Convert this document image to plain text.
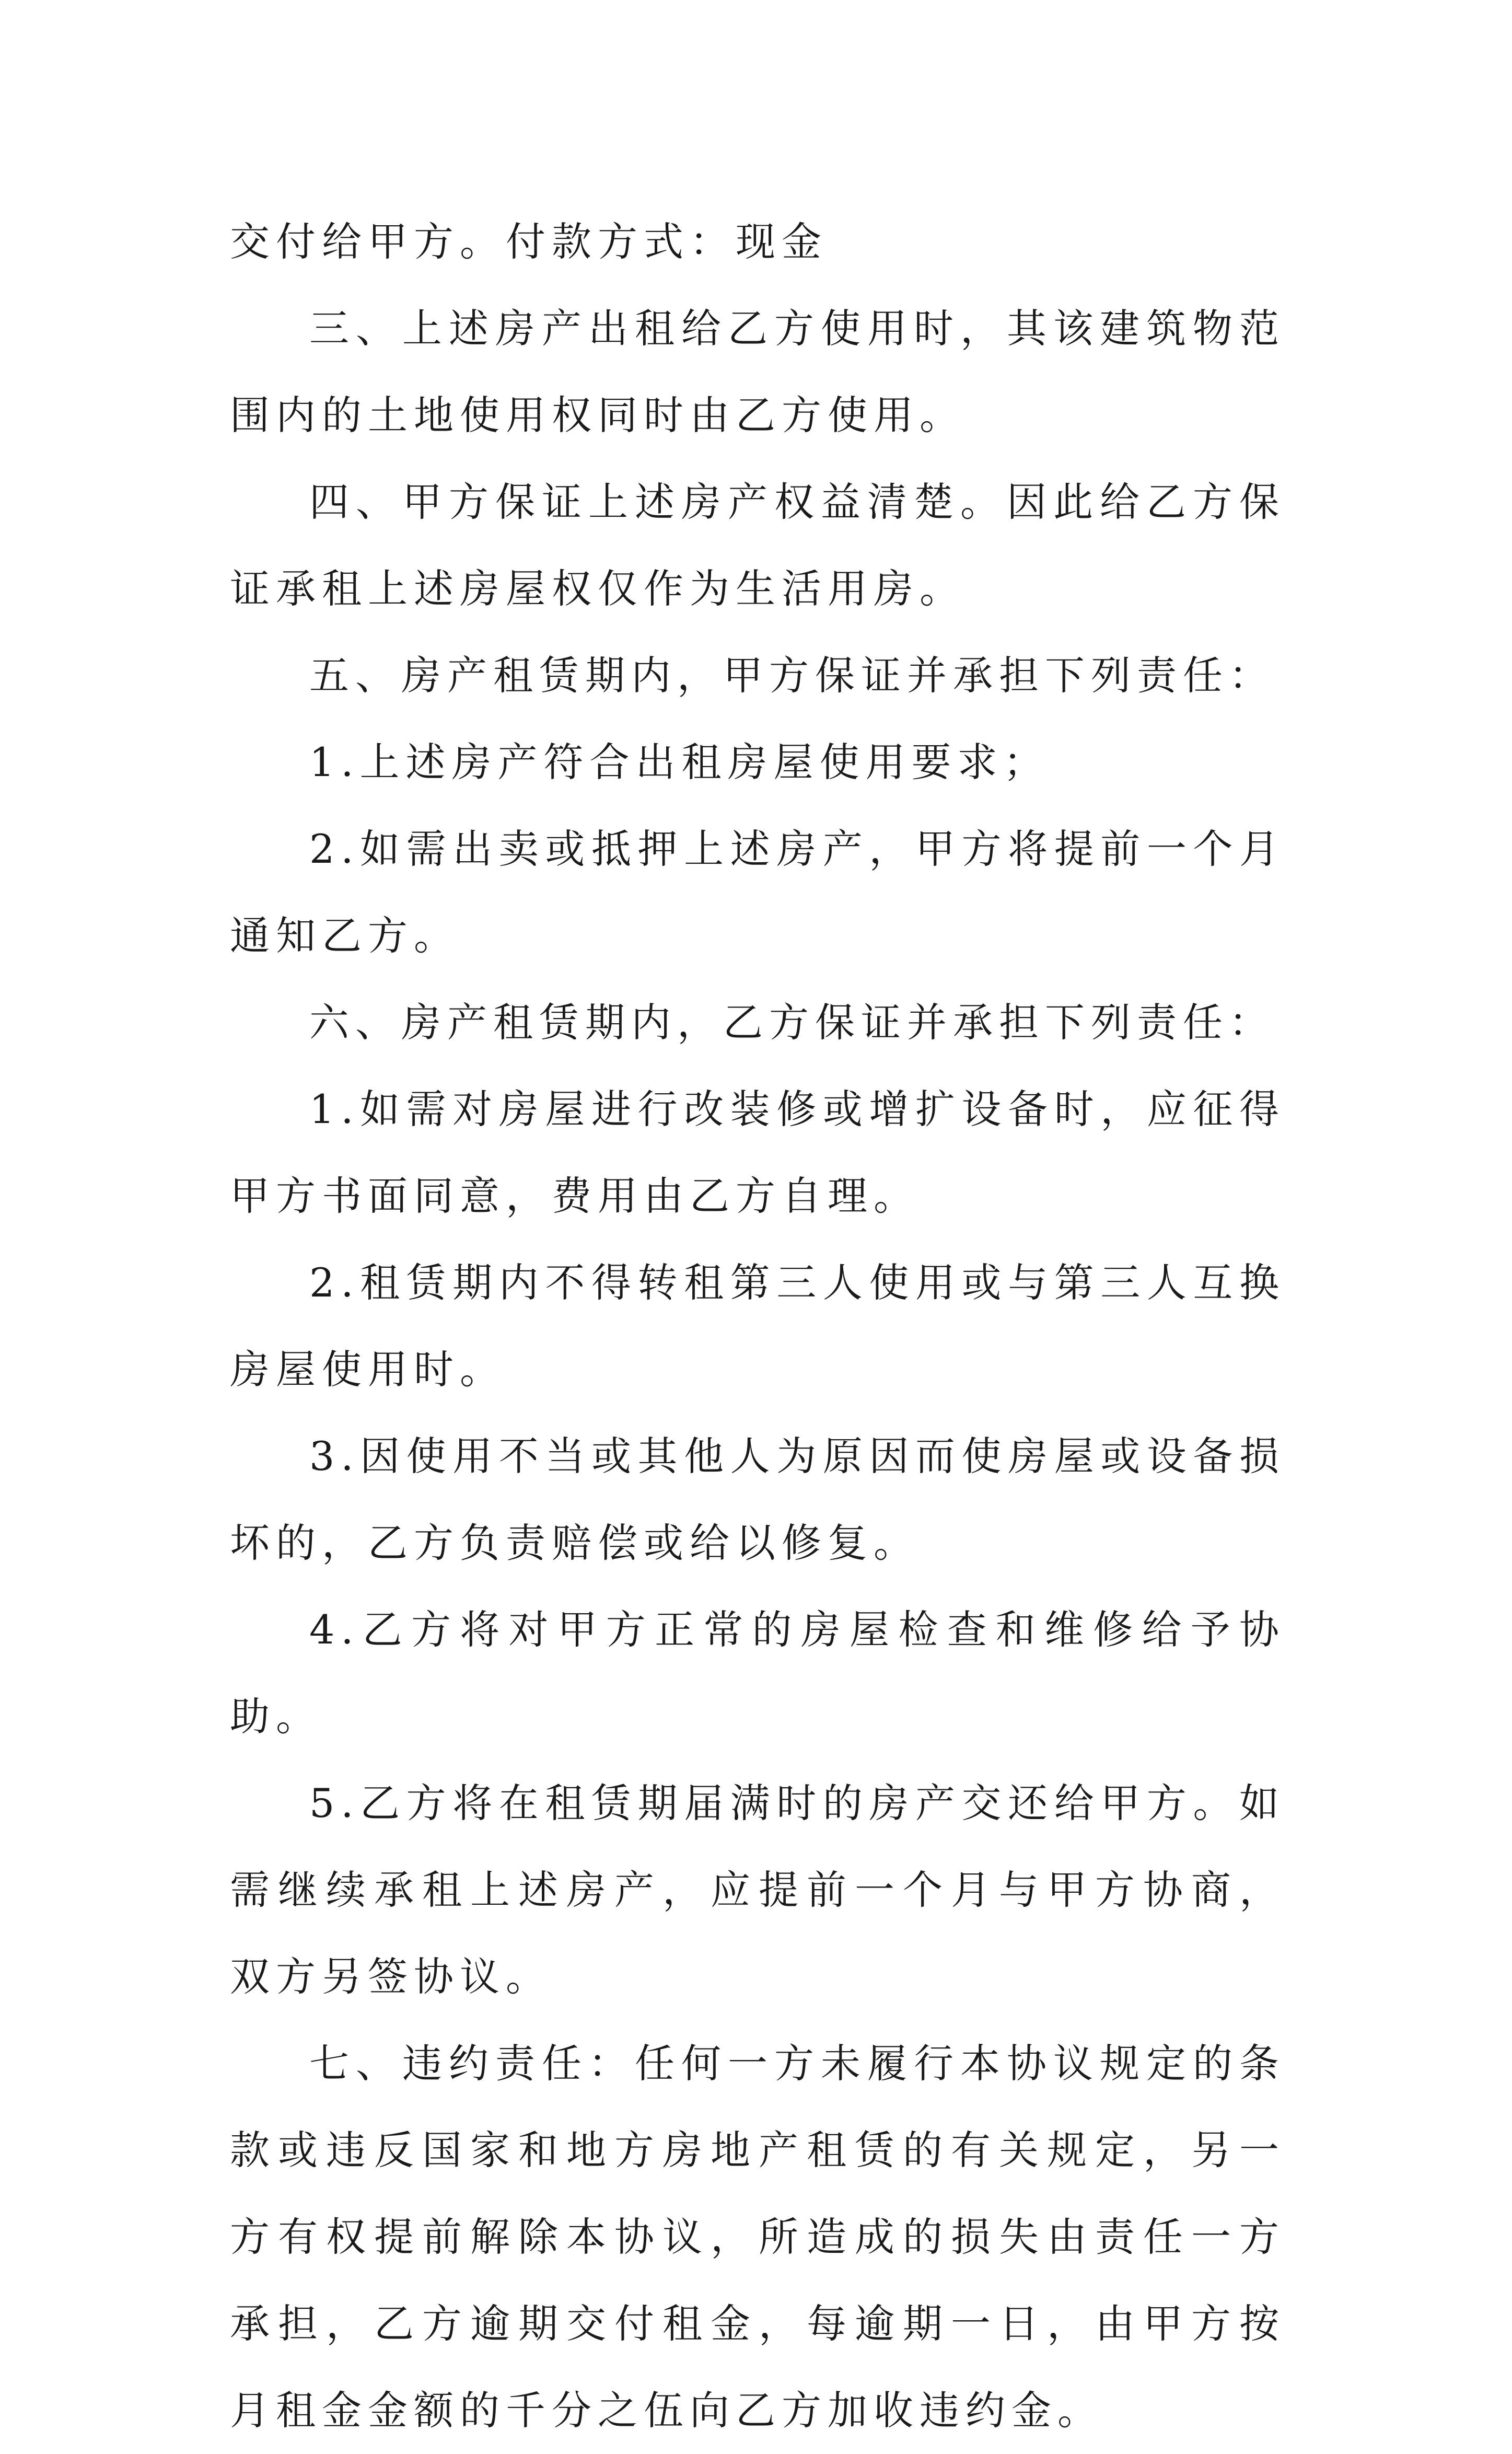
交付给甲方。付款方式：现金

三、上述房产出租给乙方使用时，其该建筑物范围内的土地使用权同时由乙方使用。

四、甲方保证上述房产权益清楚。因此给乙方保证承租上述房屋权仅作为生活用房。

五、房产租赁期内，甲方保证并承担下列责任：

1.上述房产符合出租房屋使用要求；

2.如需出卖或抵押上述房产，甲方将提前一个月通知乙方。

六、房产租赁期内，乙方保证并承担下列责任：

1.如需对房屋进行改装修或增扩设备时，应征得甲方书面同意，费用由乙方自理。

2.租赁期内不得转租第三人使用或与第三人互换房屋使用时。

3.因使用不当或其他人为原因而使房屋或设备损坏的，乙方负责赔偿或给以修复。

4.乙方将对甲方正常的房屋检查和维修给予协助。

5.乙方将在租赁期届满时的房产交还给甲方。如需继续承租上述房产，应提前一个月与甲方协商，双方另签协议。

七、违约责任：任何一方未履行本协议规定的条款或违反国家和地方房地产租赁的有关规定，另一方有权提前解除本协议，所造成的损失由责任一方承担，乙方逾期交付租金，每逾期一日，由甲方按月租金金额的千分之伍向乙方加收违约金。
